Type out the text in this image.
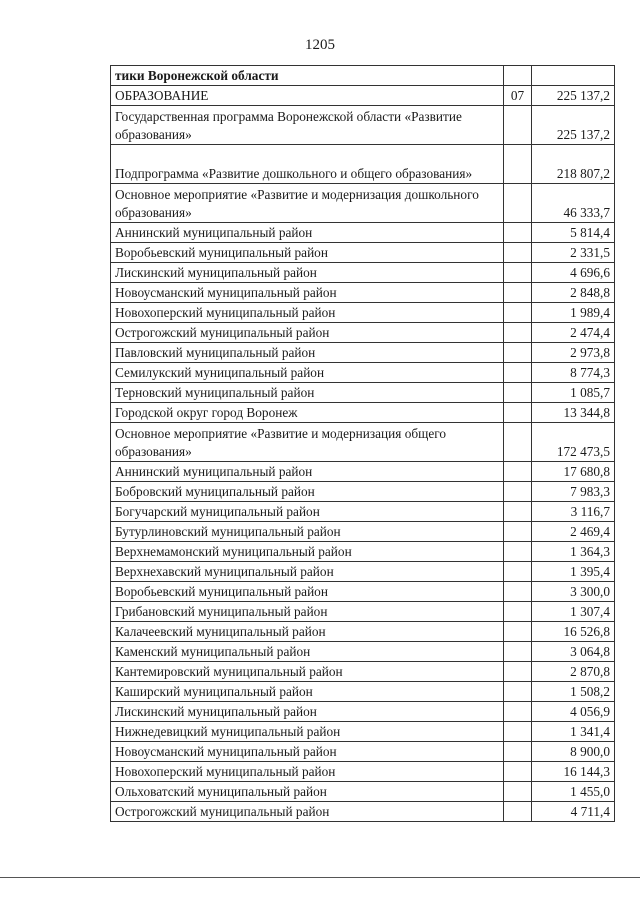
1205
тики Воронежской области		
ОБРАЗОВАНИЕ	07	225 137,2
Государственная программа Воронежской области «Развитие образования»		225 137,2
Подпрограмма «Развитие дошкольного и общего образования»		218 807,2
Основное мероприятие «Развитие и модернизация дошкольного образования»		46 333,7
Аннинский муниципальный район		5 814,4
Воробьевский муниципальный район		2 331,5
Лискинский муниципальный район		4 696,6
Новоусманский муниципальный район		2 848,8
Новохоперский муниципальный район		1 989,4
Острогожский муниципальный район		2 474,4
Павловский муниципальный район		2 973,8
Семилукский муниципальный район		8 774,3
Терновский муниципальный район		1 085,7
Городской округ город Воронеж		13 344,8
Основное мероприятие «Развитие и модернизация общего образования»		172 473,5
Аннинский муниципальный район		17 680,8
Бобровский муниципальный район		7 983,3
Богучарский муниципальный район		3 116,7
Бутурлиновский муниципальный район		2 469,4
Верхнемамонский муниципальный район		1 364,3
Верхнехавский муниципальный район		1 395,4
Воробьевский муниципальный район		3 300,0
Грибановский муниципальный район		1 307,4
Калачеевский муниципальный район		16 526,8
Каменский муниципальный район		3 064,8
Кантемировский муниципальный район		2 870,8
Каширский муниципальный район		1 508,2
Лискинский муниципальный район		4 056,9
Нижнедевицкий муниципальный район		1 341,4
Новоусманский муниципальный район		8 900,0
Новохоперский муниципальный район		16 144,3
Ольховатский муниципальный район		1 455,0
Острогожский муниципальный район		4 711,4
